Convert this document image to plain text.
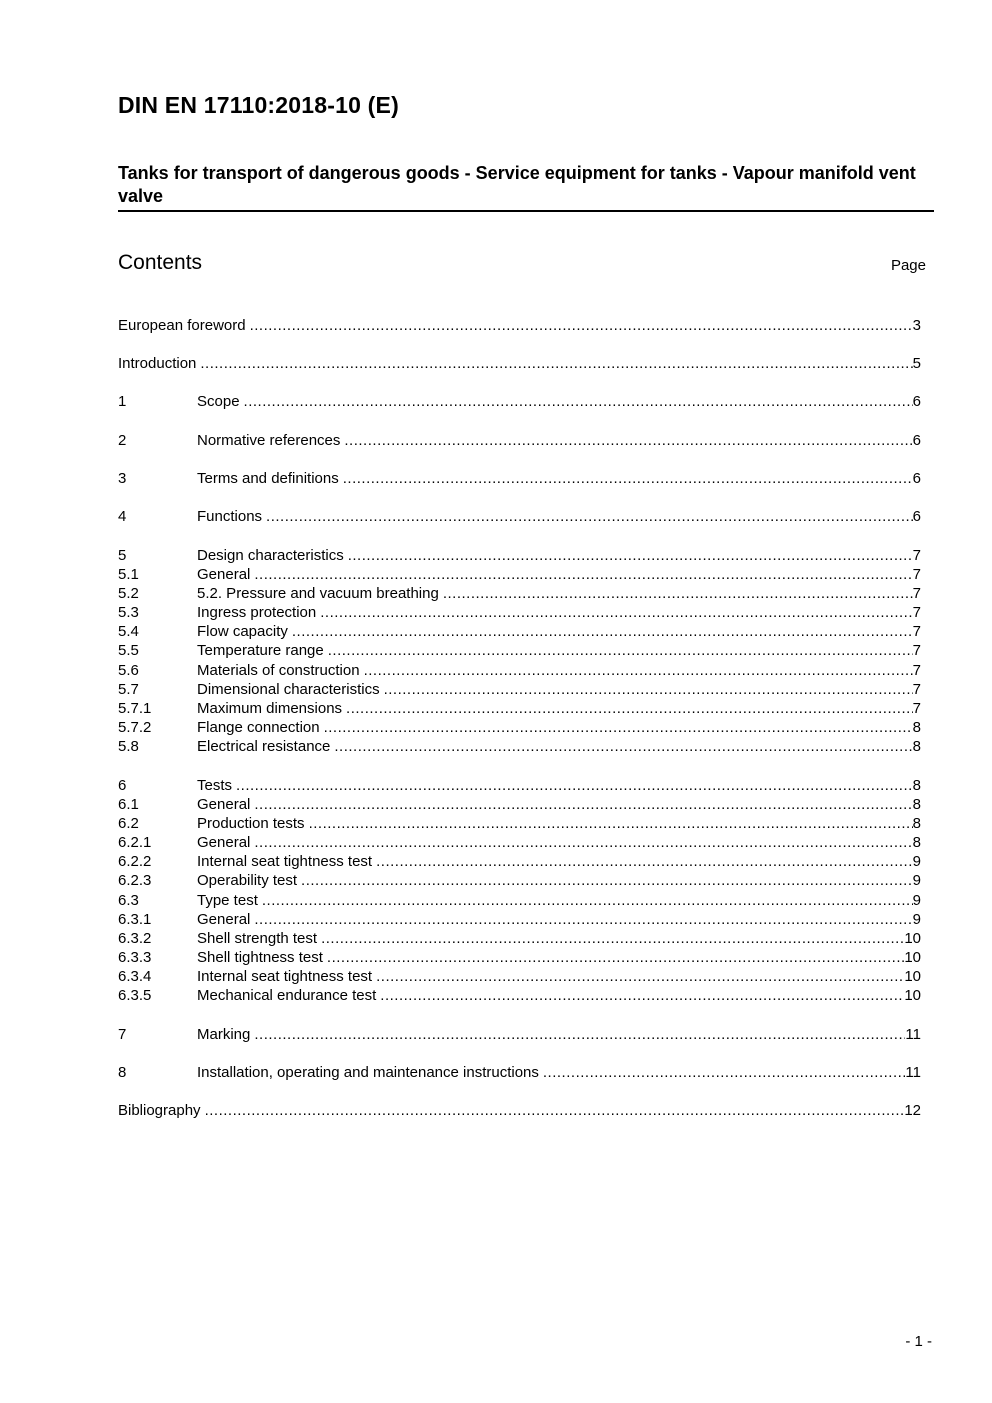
DIN EN 17110:2018-10 (E)
Tanks for transport of dangerous goods - Service equipment for tanks - Vapour manifold vent valve
Contents	Page
European foreword .....	3
Introduction .....	5
1	Scope .....	6
2	Normative references .....	6
3	Terms and definitions .....	6
4	Functions .....	6
5	Design characteristics .....	7
5.1	General .....	7
5.2	5.2. Pressure and vacuum breathing .....	7
5.3	Ingress protection .....	7
5.4	Flow capacity .....	7
5.5	Temperature range .....	7
5.6	Materials of construction .....	7
5.7	Dimensional characteristics .....	7
5.7.1	Maximum dimensions .....	7
5.7.2	Flange connection .....	8
5.8	Electrical resistance .....	8
6	Tests .....	8
6.1	General .....	8
6.2	Production tests .....	8
6.2.1	General .....	8
6.2.2	Internal seat tightness test .....	9
6.2.3	Operability test .....	9
6.3	Type test .....	9
6.3.1	General .....	9
6.3.2	Shell strength test .....	10
6.3.3	Shell tightness test .....	10
6.3.4	Internal seat tightness test .....	10
6.3.5	Mechanical endurance test .....	10
7	Marking .....	11
8	Installation, operating and maintenance instructions .....	11
Bibliography .....	12
- 1 -
